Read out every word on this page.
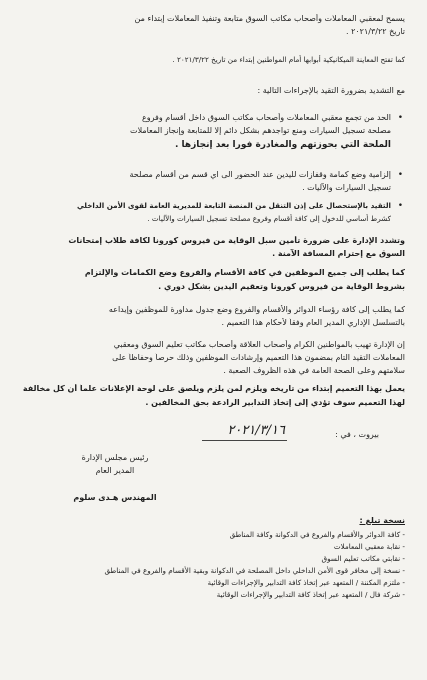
يسمح لمعقبي المعاملات وأصحاب مكاتب السوق متابعة وتنفيذ المعاملات إبتداء من
تاريخ ٢٠٢١/٣/٢٢ .
كما تفتح المعاينة الميكانيكية أبوابها أمام المواطنين إبتداء من تاريخ ٢٠٢١/٣/٢٢ .
مع التشديد بضرورة التقيد بالإجراءات التالية :
•
الحد من تجمع معقبي المعاملات وأصحاب مكاتب السوق داخل أقسام وفروع
مصلحة تسجيل السيارات ومنع تواجدهم بشكل دائم إلا للمتابعة وإنجاز المعاملات
الملحة التي بحوزتهم والمغادرة فوراً بعد إنجازها .
•
إلزامية وضع كمامة وقفازات لليدين عند الحضور الى اي قسم من أقسام مصلحة
تسجيل السيارات والآليات .
•
التقيد بالإستحصال على إذن التنقل من المنصة التابعة للمديرية العامة لقوى الأمن الداخلي
كشرط أساسي للدخول إلى كافة أقسام وفروع مصلحة تسجيل السيارات والآليات .
وتشدد الإدارة على ضرورة تأمين سبل الوقاية من فيروس كورونا لكافة طلاب إمتحانات
السوق مع إحترام المسافة الآمنة .
كما يطلب إلى جميع الموظفين في كافة الأقسام والفروع وضع الكمامات والإلتزام
بشروط الوقاية من فيروس كورونا وتعقيم اليدين بشكل دوري .
كما يطلب إلى كافة رؤساء الدوائر والأقسام والفروع وضع جدول مداورة للموظفين وإيداعه
بالتسلسل الإداري المدير العام وفقاً لأحكام هذا التعميم .
إن الإدارة تهيب بالمواطنين الكرام وأصحاب العلاقة وأصحاب مكاتب تعليم السوق ومعقبي
المعاملات التقيد التام بمضمون هذا التعميم وإرشادات الموظفين وذلك حرصاً وحفاظاً على
سلامتهم وعلى الصحة العامة في هذه الظروف الصعبة .
يعمل بهذا التعميم إبتداء من تاريخه ويلزم لمن يلزم ويلصق على لوحة الإعلانات علماً أن كل مخالفة
لهذا التعميم سوف تؤدي إلى إتخاذ التدابير الرادعة بحق المخالفين .
بيروت ، في :
٢٠٢١/٣/١٦
رئيس مجلس الإدارة
المدير العام
المهندس هـدى سلوم
نسخة تبلغ :
- كافة الدوائر والأقسام والفروع في الدكوانة وكافة المناطق
- نقابة معقبي المعاملات
- نقابتي مكاتب تعليم السوق
- نسخة إلى مخافر قوى الأمن الداخلي داخل المصلحة في الدكوانة وبقية الأقسام والفروع في المناطق
- ملتزم المكننة / المتعهد عبر إتخاذ كافة التدابير والإجراءات الوقائية
- شركة فال / المتعهد عبر إتخاذ كافة التدابير والإجراءات الوقائية
